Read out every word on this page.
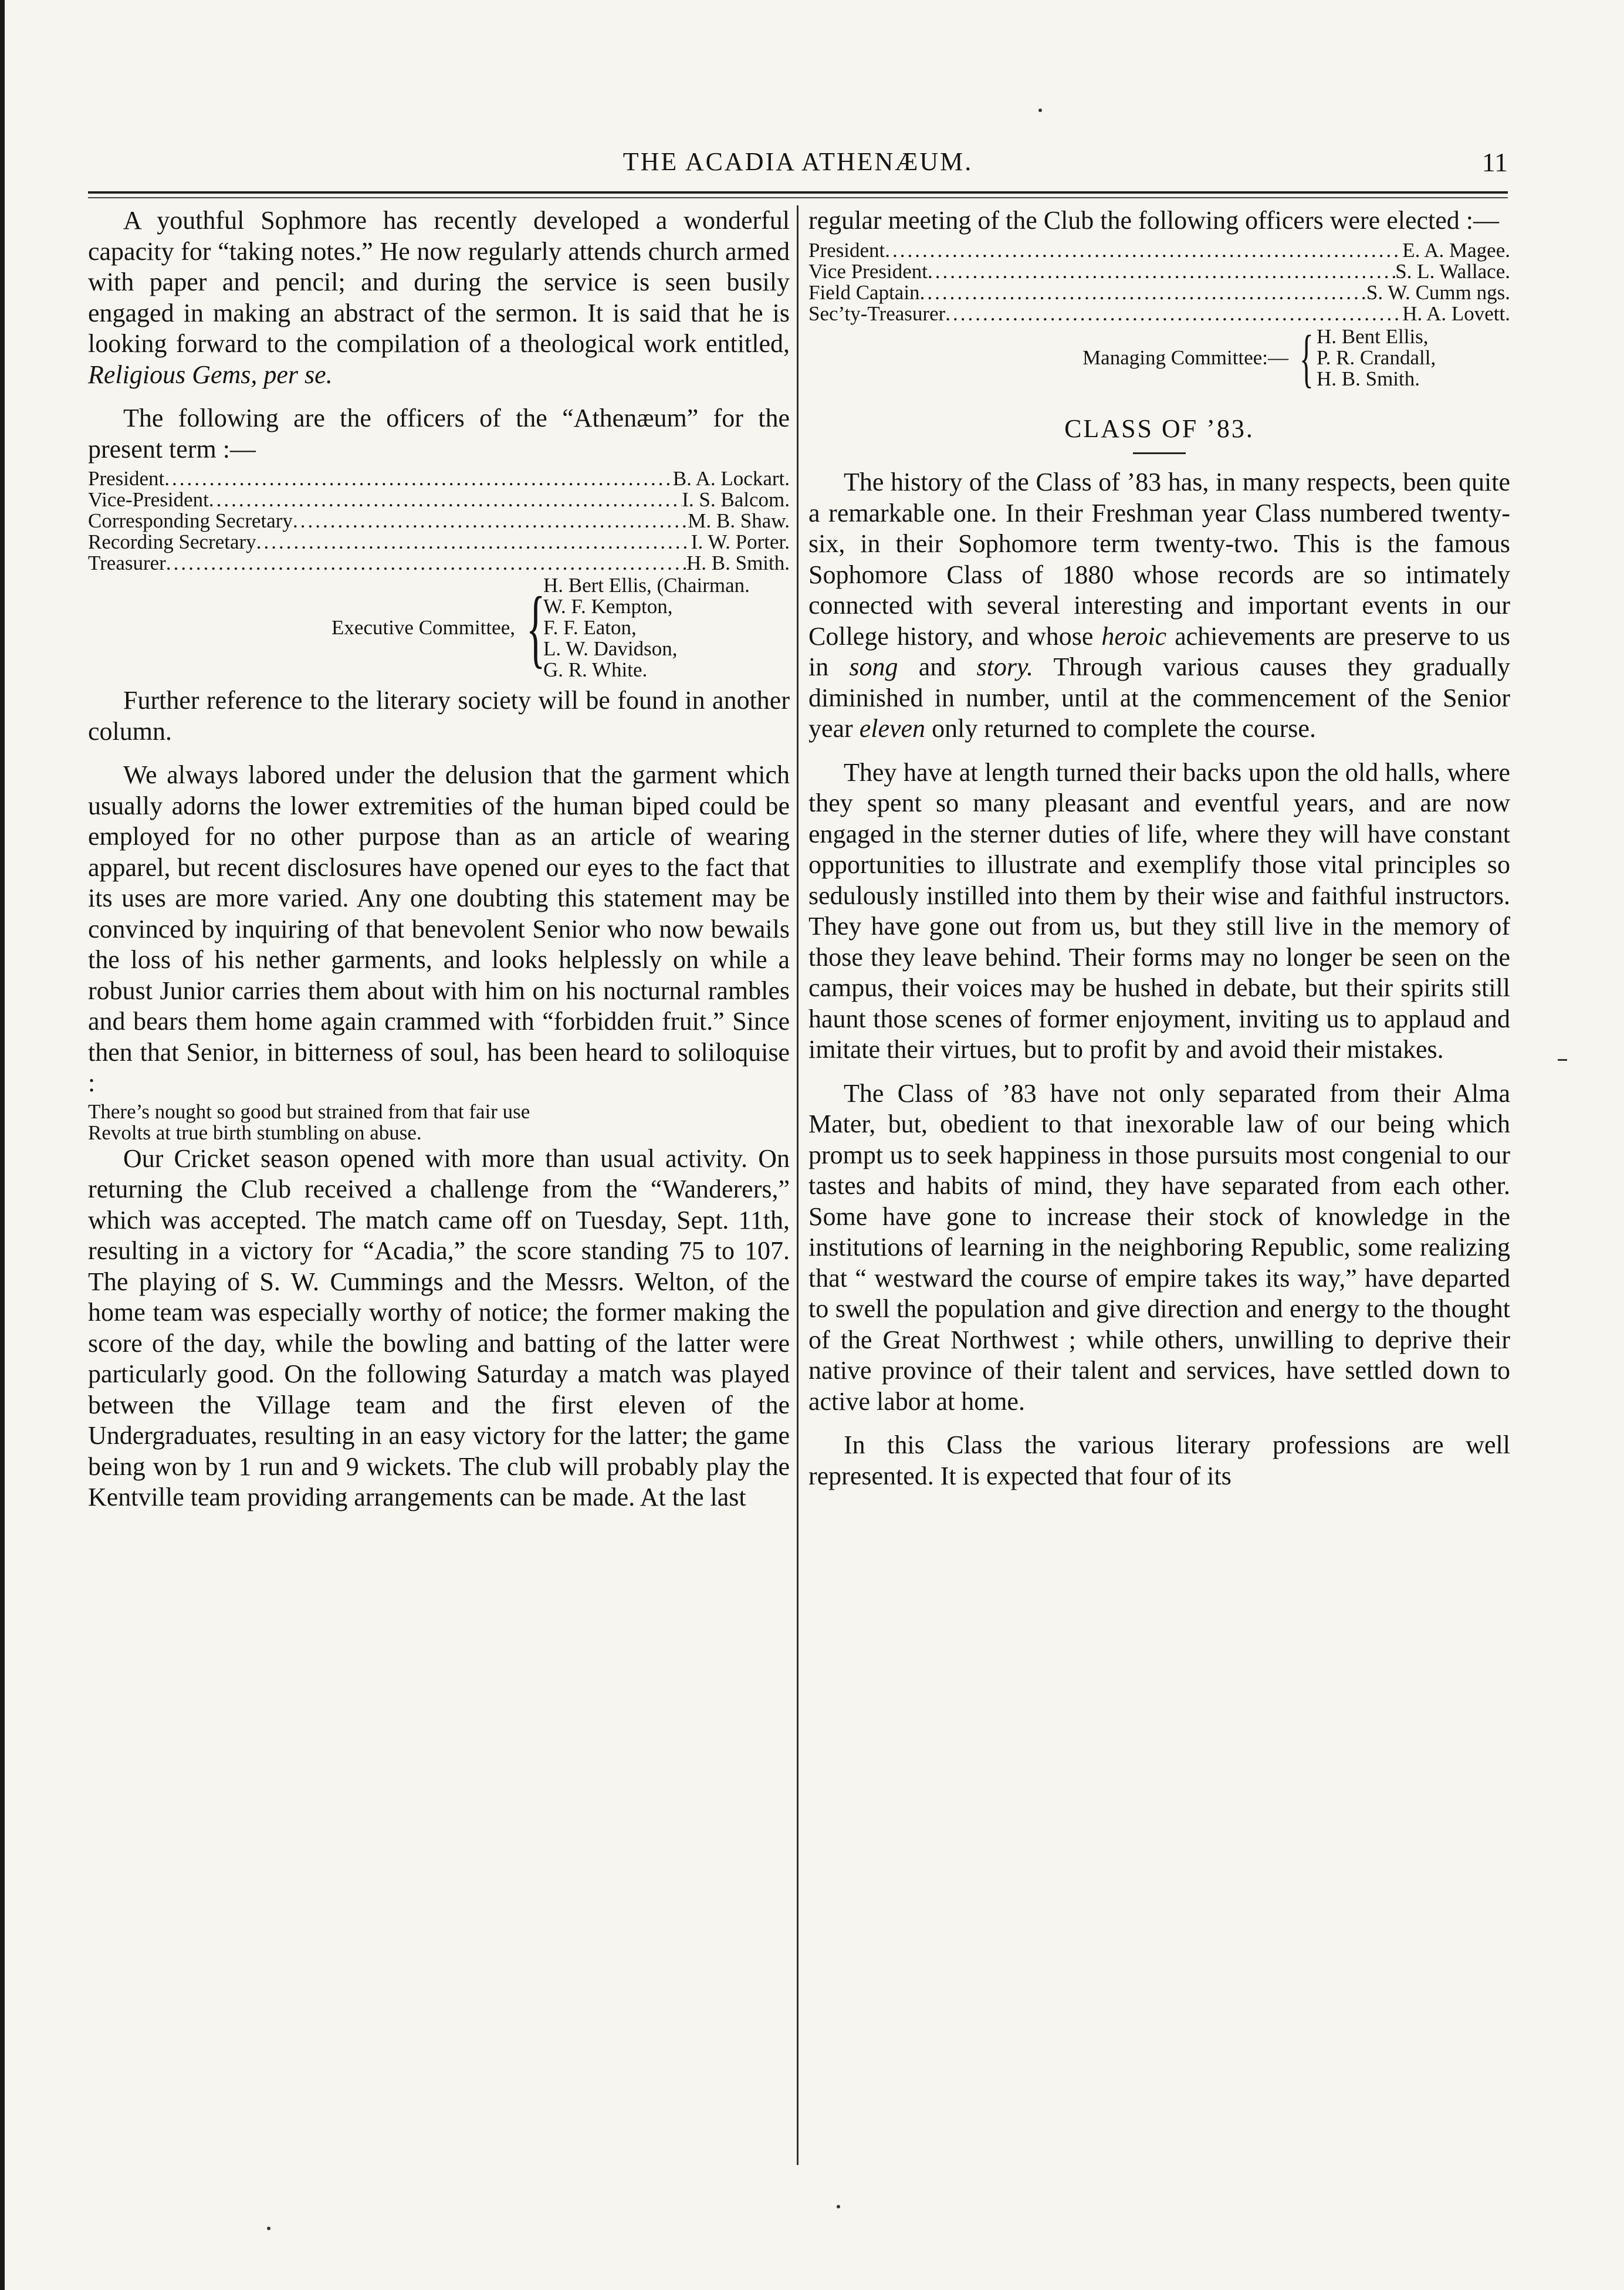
THE ACADIA ATHENÆUM.	11

A youthful Sophmore has recently developed a wonderful capacity for “taking notes.” He now regularly attends church armed with paper and pencil; and during the service is seen busily engaged in making an abstract of the sermon. It is said that he is looking forward to the compilation of a theological work entitled, Religious Gems, per se.

The following are the officers of the “Athenæum” for the present term :—

President .....	B. A. Lockart.
Vice-President .....	I. S. Balcom.
Corresponding Secretary .....	M. B. Shaw.
Recording Secretary .....	I. W. Porter.
Treasurer .....	H. B. Smith.
Executive Committee, {
H. Bert Ellis, (Chairman.
W. F. Kempton,
F. F. Eaton,
L. W. Davidson,
G. R. White.

Further reference to the literary society will be found in another column.

We always labored under the delusion that the garment which usually adorns the lower extremities of the human biped could be employed for no other purpose than as an article of wearing apparel, but recent disclosures have opened our eyes to the fact that its uses are more varied. Any one doubting this statement may be convinced by inquiring of that benevolent Senior who now bewails the loss of his nether garments, and looks helplessly on while a robust Junior carries them about with him on his nocturnal rambles and bears them home again crammed with “forbidden fruit.” Since then that Senior, in bitterness of soul, has been heard to soliloquise :

There’s nought so good but strained from that fair use
Revolts at true birth stumbling on abuse.

Our Cricket season opened with more than usual activity. On returning the Club received a challenge from the “Wanderers,” which was accepted. The match came off on Tuesday, Sept. 11th, resulting in a victory for “Acadia,” the score standing 75 to 107. The playing of S. W. Cummings and the Messrs. Welton, of the home team was especially worthy of notice; the former making the score of the day, while the bowling and batting of the latter were particularly good. On the following Saturday a match was played between the Village team and the first eleven of the Undergraduates, resulting in an easy victory for the latter; the game being won by 1 run and 9 wickets. The club will probably play the Kentville team providing arrangements can be made. At the last

regular meeting of the Club the following officers were elected :—

President .....	E. A. Magee.
Vice President .....	S. L. Wallace.
Field Captain .....	S. W. Cumm ngs.
Sec’ty-Treasurer .....	H. A. Lovett.
Managing Committee:— { H. Bent Ellis,
P. R. Crandall,
H. B. Smith.
CLASS OF ’83.

The history of the Class of ’83 has, in many respects, been quite a remarkable one. In their Freshman year Class numbered twenty-six, in their Sophomore term twenty-two. This is the famous Sophomore Class of 1880 whose records are so intimately connected with several interesting and important events in our College history, and whose heroic achievements are preserve to us in song and story. Through various causes they gradually diminished in number, until at the commencement of the Senior year eleven only returned to complete the course.

They have at length turned their backs upon the old halls, where they spent so many pleasant and eventful years, and are now engaged in the sterner duties of life, where they will have constant opportunities to illustrate and exemplify those vital principles so sedulously instilled into them by their wise and faithful instructors. They have gone out from us, but they still live in the memory of those they leave behind. Their forms may no longer be seen on the campus, their voices may be hushed in debate, but their spirits still haunt those scenes of former enjoyment, inviting us to applaud and imitate their virtues, but to profit by and avoid their mistakes.

The Class of ’83 have not only separated from their Alma Mater, but, obedient to that inexorable law of our being which prompt us to seek happiness in those pursuits most congenial to our tastes and habits of mind, they have separated from each other. Some have gone to increase their stock of knowledge in the institutions of learning in the neighboring Republic, some realizing that “ westward the course of empire takes its way,” have departed to swell the population and give direction and energy to the thought of the Great Northwest ; while others, unwilling to deprive their native province of their talent and services, have settled down to active labor at home.

In this Class the various literary professions are well represented. It is expected that four of its
